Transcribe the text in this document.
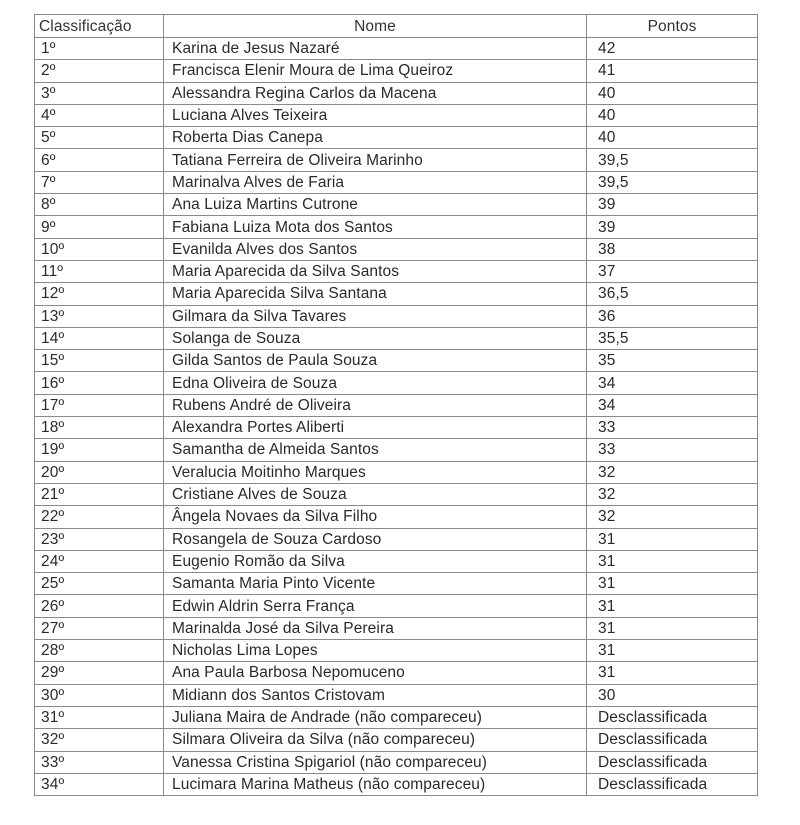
Classificação	Nome	Pontos
1º	Karina de Jesus Nazaré	42
2º	Francisca Elenir Moura de Lima Queiroz	41
3º	Alessandra Regina Carlos da Macena	40
4º	Luciana Alves Teixeira	40
5º	Roberta Dias Canepa	40
6º	Tatiana Ferreira de Oliveira Marinho	39,5
7º	Marinalva Alves de Faria	39,5
8º	Ana Luiza Martins Cutrone	39
9º	Fabiana Luiza Mota dos Santos	39
10º	Evanilda Alves dos Santos	38
11º	Maria Aparecida da Silva Santos	37
12º	Maria Aparecida Silva Santana	36,5
13º	Gilmara da Silva Tavares	36
14º	Solanga de Souza	35,5
15º	Gilda Santos de Paula Souza	35
16º	Edna Oliveira de Souza	34
17º	Rubens André de Oliveira	34
18º	Alexandra Portes Aliberti	33
19º	Samantha de Almeida Santos	33
20º	Veralucia Moitinho Marques	32
21º	Cristiane Alves de Souza	32
22º	Ângela Novaes da Silva Filho	32
23º	Rosangela de Souza Cardoso	31
24º	Eugenio Romão da Silva	31
25º	Samanta Maria Pinto Vicente	31
26º	Edwin Aldrin Serra França	31
27º	Marinalda José da Silva Pereira	31
28º	Nicholas Lima Lopes	31
29º	Ana Paula Barbosa Nepomuceno	31
30º	Midiann dos Santos Cristovam	30
31º	Juliana Maira de Andrade (não compareceu)	Desclassificada
32º	Silmara Oliveira da Silva (não compareceu)	Desclassificada
33º	Vanessa Cristina Spigariol (não compareceu)	Desclassificada
34º	Lucimara Marina Matheus (não compareceu)	Desclassificada
